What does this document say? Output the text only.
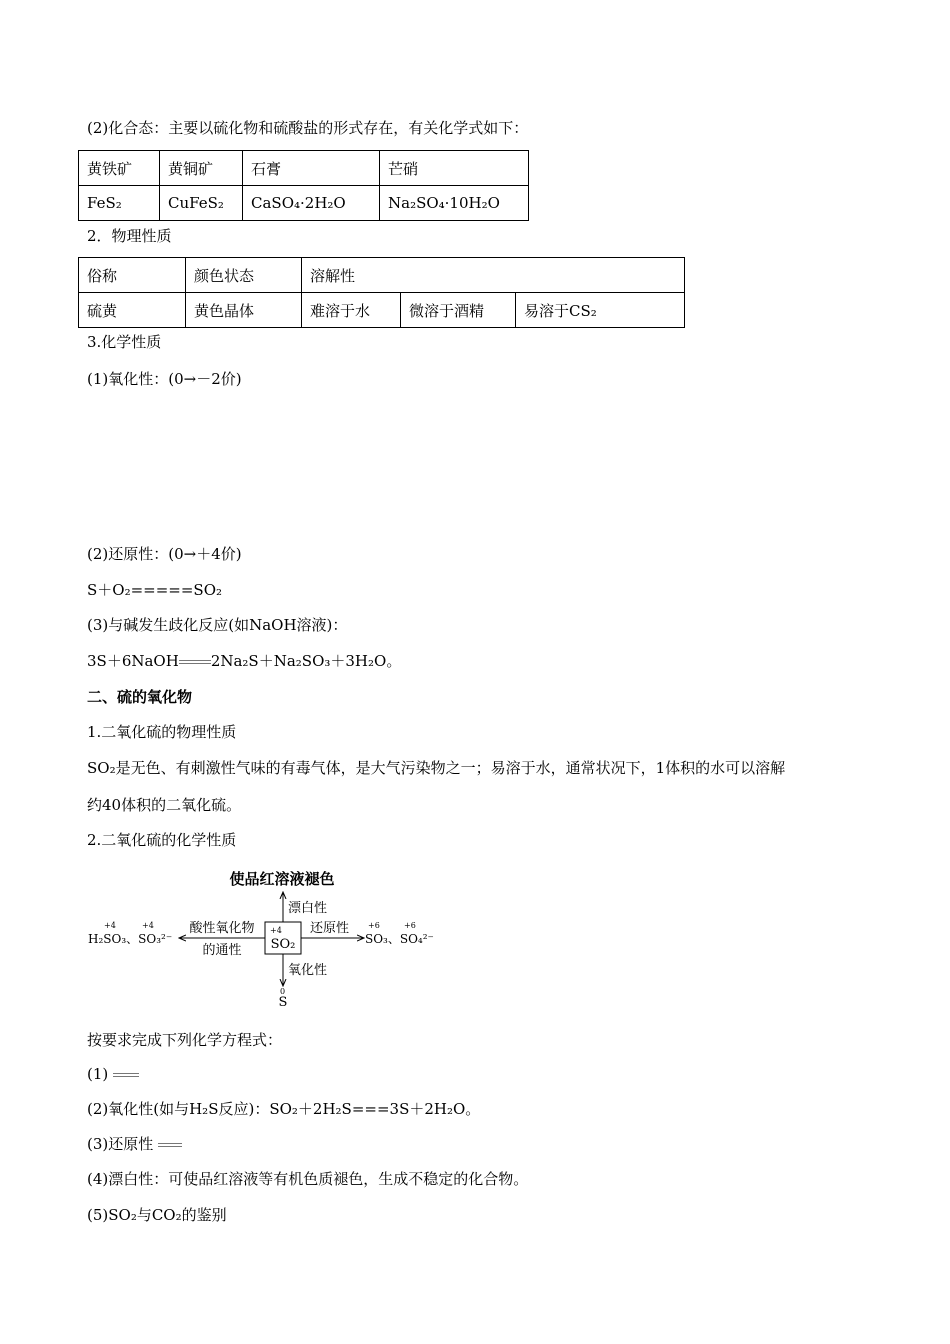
(2)化合态：主要以硫化物和硫酸盐的形式存在，有关化学式如下：
黄铁矿	黄铜矿	石膏	芒硝
FeS₂	CuFeS₂	CaSO₄·2H₂O	Na₂SO₄·10H₂O
2．物理性质
俗称	颜色状态	溶解性		
硫黄	黄色晶体	难溶于水	微溶于酒精	易溶于CS₂
3.化学性质
(1)氧化性：(0→－2价)
(2)还原性：(0→＋4价)
S＋O₂=====SO₂
(3)与碱发生歧化反应(如NaOH溶液)：
3S＋6NaOH 2Na₂S＋Na₂SO₃＋3H₂O。
二、硫的氧化物
1.二氧化硫的物理性质
SO₂是无色、有刺激性气味的有毒气体，是大气污染物之一；易溶于水，通常状况下，1体积的水可以溶解
约40体积的二氧化硫。
2.二氧化硫的化学性质
使品红溶液褪色
漂白性
+4
SO₂
酸性氧化物
的通性
+4	+4
H₂SO₃、SO₃²⁻
还原性 +6	+6
SO₃、SO₄²⁻
氧化性
0
S
按要求完成下列化学方程式：
(1)
(2)氧化性(如与H₂S反应)：SO₂＋2H₂S===3S＋2H₂O。
(3)还原性
(4)漂白性：可使品红溶液等有机色质褪色，生成不稳定的化合物。
(5)SO₂与CO₂的鉴别
